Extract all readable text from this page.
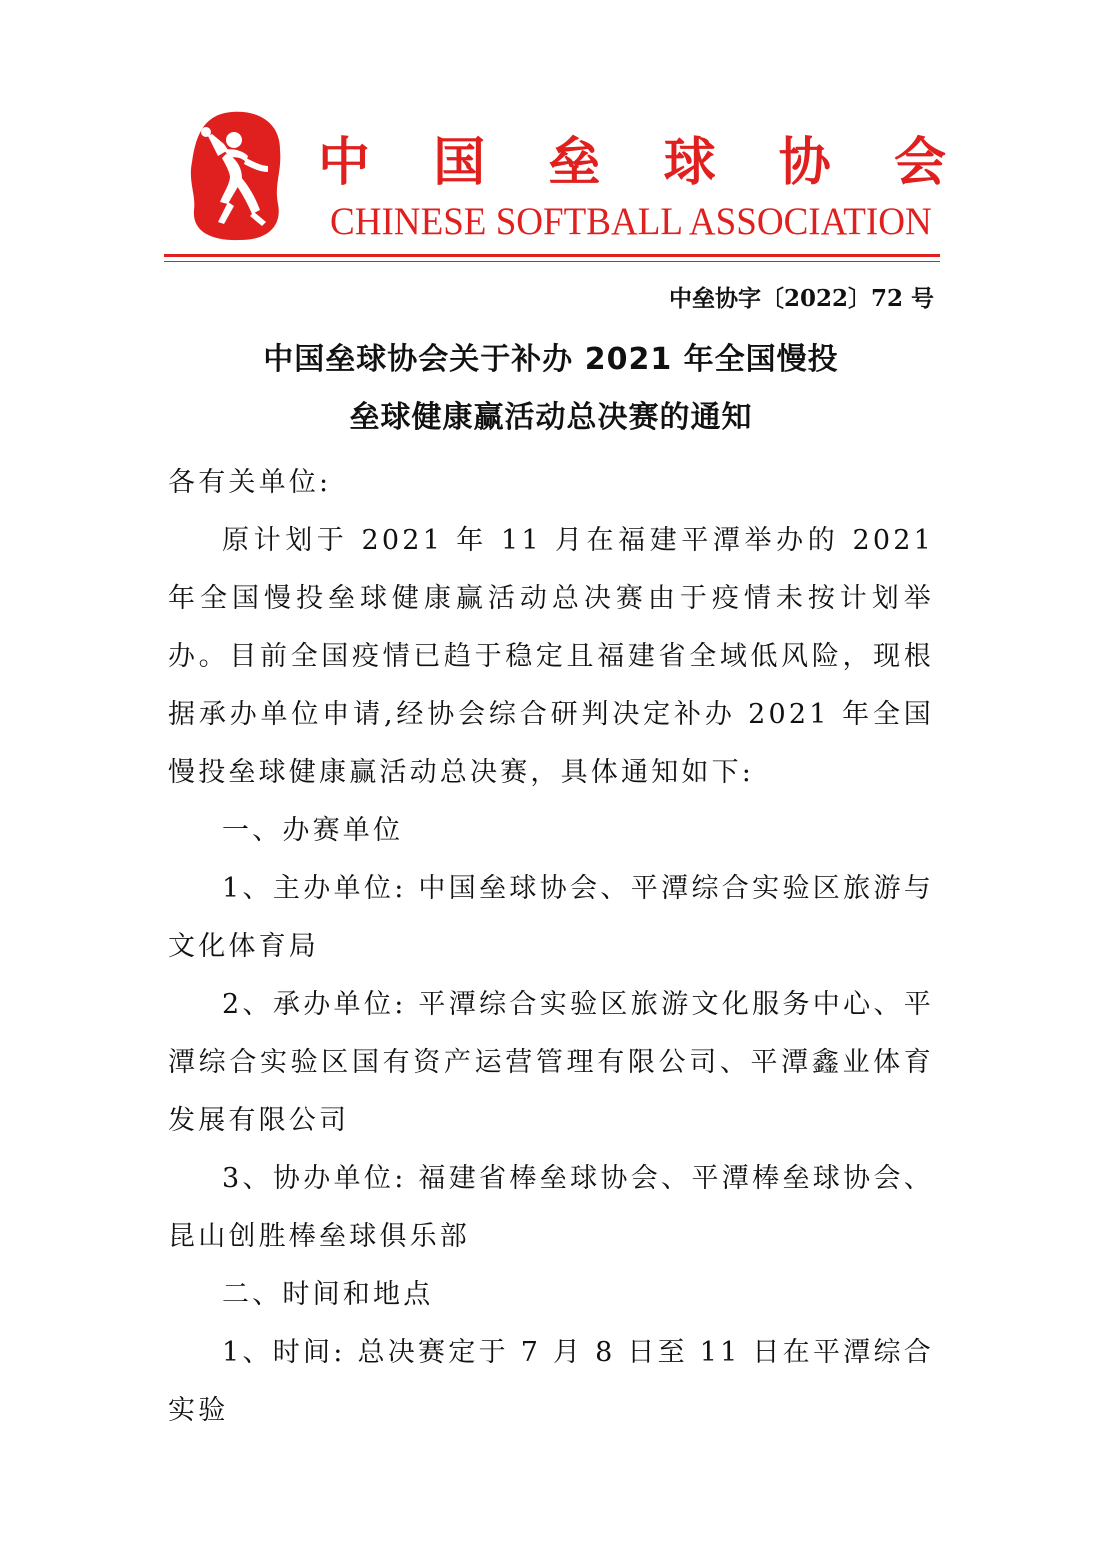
中 国 垒 球 协 会
CHINESE SOFTBALL ASSOCIATION
中垒协字〔2022〕72 号
中国垒球协会关于补办 2021 年全国慢投
垒球健康赢活动总决赛的通知

各有关单位:

原计划于 2021 年 11 月在福建平潭举办的 2021 年全国慢投垒球健康赢活动总决赛由于疫情未按计划举办。目前全国疫情已趋于稳定且福建省全域低风险，现根据承办单位申请,经协会综合研判决定补办 2021 年全国慢投垒球健康赢活动总决赛，具体通知如下:

一、办赛单位

1、主办单位: 中国垒球协会、平潭综合实验区旅游与文化体育局

2、承办单位: 平潭综合实验区旅游文化服务中心、平潭综合实验区国有资产运营管理有限公司、平潭鑫业体育发展有限公司

3、协办单位: 福建省棒垒球协会、平潭棒垒球协会、昆山创胜棒垒球俱乐部

二、时间和地点

1、时间: 总决赛定于 7 月 8 日至 11 日在平潭综合实验
